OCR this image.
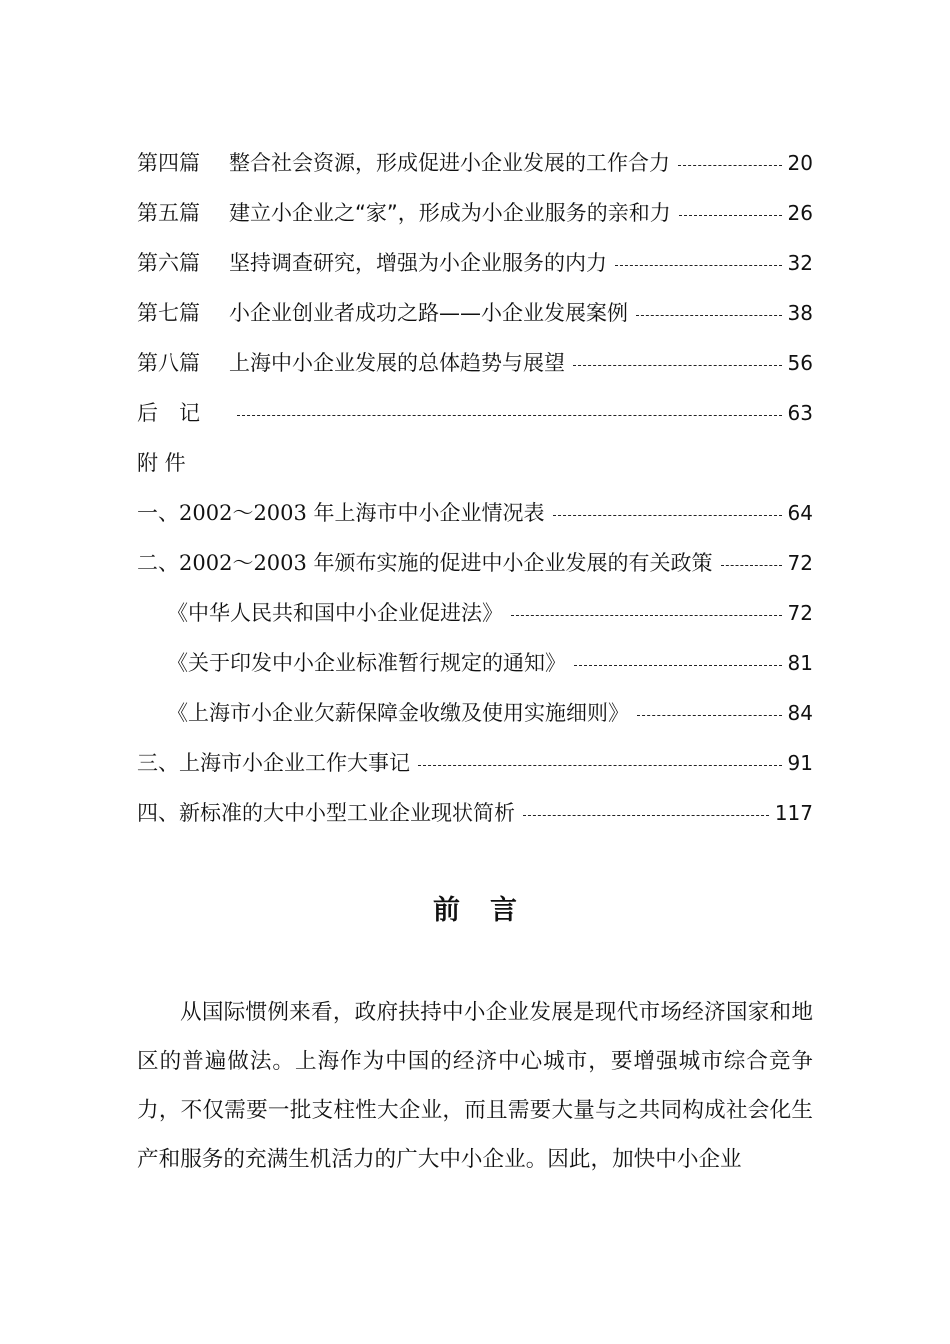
第四篇	整合社会资源，形成促进小企业发展的工作合力	20
第五篇	建立小企业之“家”，形成为小企业服务的亲和力	26
第六篇	坚持调查研究，增强为小企业服务的内力	32
第七篇	小企业创业者成功之路——小企业发展案例	38
第八篇	上海中小企业发展的总体趋势与展望	56
后　记	63
附 件
一、2002～2003 年上海市中小企业情况表	64
二、2002～2003 年颁布实施的促进中小企业发展的有关政策	72
《中华人民共和国中小企业促进法》	72
《关于印发中小企业标准暂行规定的通知》	81
《上海市小企业欠薪保障金收缴及使用实施细则》	84
三、上海市小企业工作大事记	91
四、新标准的大中小型工业企业现状简析	117
前言

从国际惯例来看，政府扶持中小企业发展是现代市场经济国家和地区的普遍做法。上海作为中国的经济中心城市，要增强城市综合竞争力，不仅需要一批支柱性大企业，而且需要大量与之共同构成社会化生产和服务的充满生机活力的广大中小企业。因此，加快中小企业
